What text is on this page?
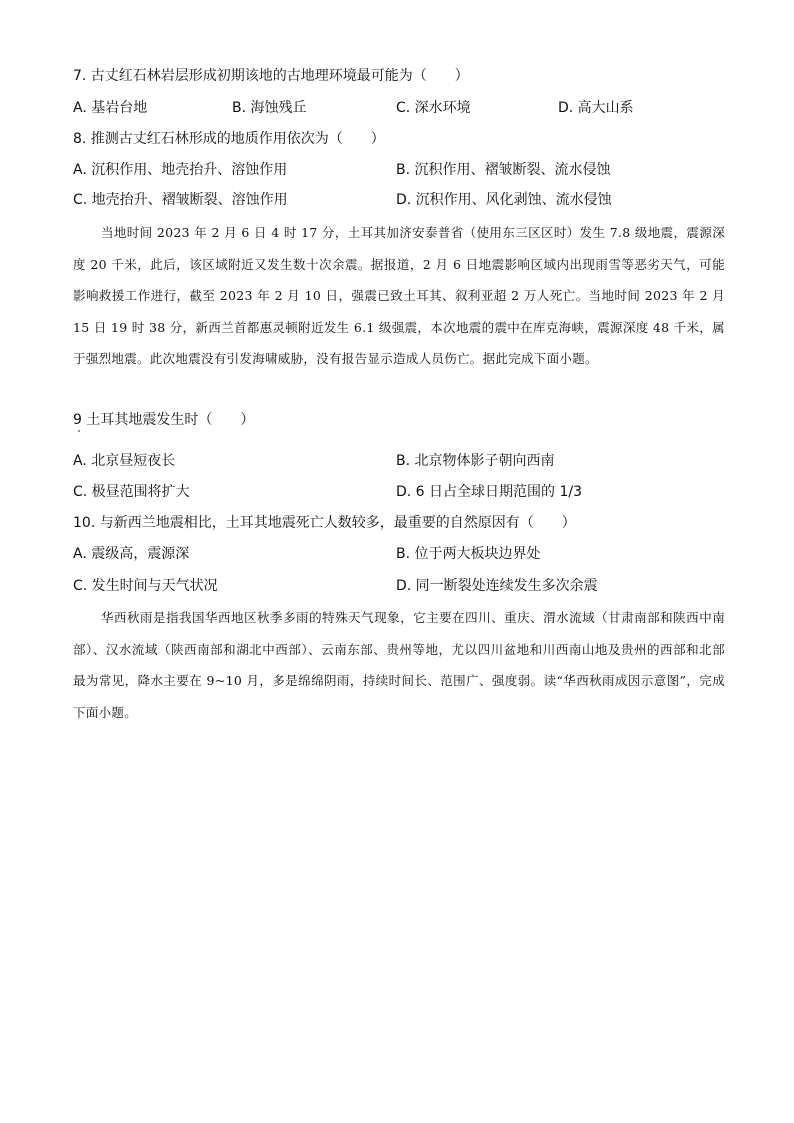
7. 古丈红石林岩层形成初期该地的古地理环境最可能为（　　）
A. 基岩台地	B. 海蚀残丘	C. 深水环境	D. 高大山系
8. 推测古丈红石林形成的地质作用依次为（　　）
A. 沉积作用、地壳抬升、溶蚀作用	B. 沉积作用、褶皱断裂、流水侵蚀
C. 地壳抬升、褶皱断裂、溶蚀作用	D. 沉积作用、风化剥蚀、流水侵蚀

当地时间 2023 年 2 月 6 日 4 时 17 分，土耳其加济安泰普省（使用东三区区时）发生 7.8 级地震，震源深度 20 千米，此后，该区域附近又发生数十次余震。据报道，2 月 6 日地震影响区域内出现雨雪等恶劣天气，可能影响救援工作进行，截至 2023 年 2 月 10 日，强震已致土耳其、叙利亚超 2 万人死亡。当地时间 2023 年 2 月 15 日 19 时 38 分，新西兰首都惠灵顿附近发生 6.1 级强震，本次地震的震中在库克海峡，震源深度 48 千米，属于强烈地震。此次地震没有引发海啸威胁，没有报告显示造成人员伤亡。据此完成下面小题。

9 土耳其地震发生时（　　）
A. 北京昼短夜长	B. 北京物体影子朝向西南
C. 极昼范围将扩大	D. 6 日占全球日期范围的 1/3
10. 与新西兰地震相比，土耳其地震死亡人数较多，最重要的自然原因有（　　）
A. 震级高，震源深	B. 位于两大板块边界处
C. 发生时间与天气状况	D. 同一断裂处连续发生多次余震

华西秋雨是指我国华西地区秋季多雨的特殊天气现象，它主要在四川、重庆、渭水流域（甘肃南部和陕西中南部）、汉水流域（陕西南部和湖北中西部）、云南东部、贵州等地，尤以四川盆地和川西南山地及贵州的西部和北部最为常见，降水主要在 9~10 月，多是绵绵阴雨，持续时间长、范围广、强度弱。读“华西秋雨成因示意图”，完成下面小题。
